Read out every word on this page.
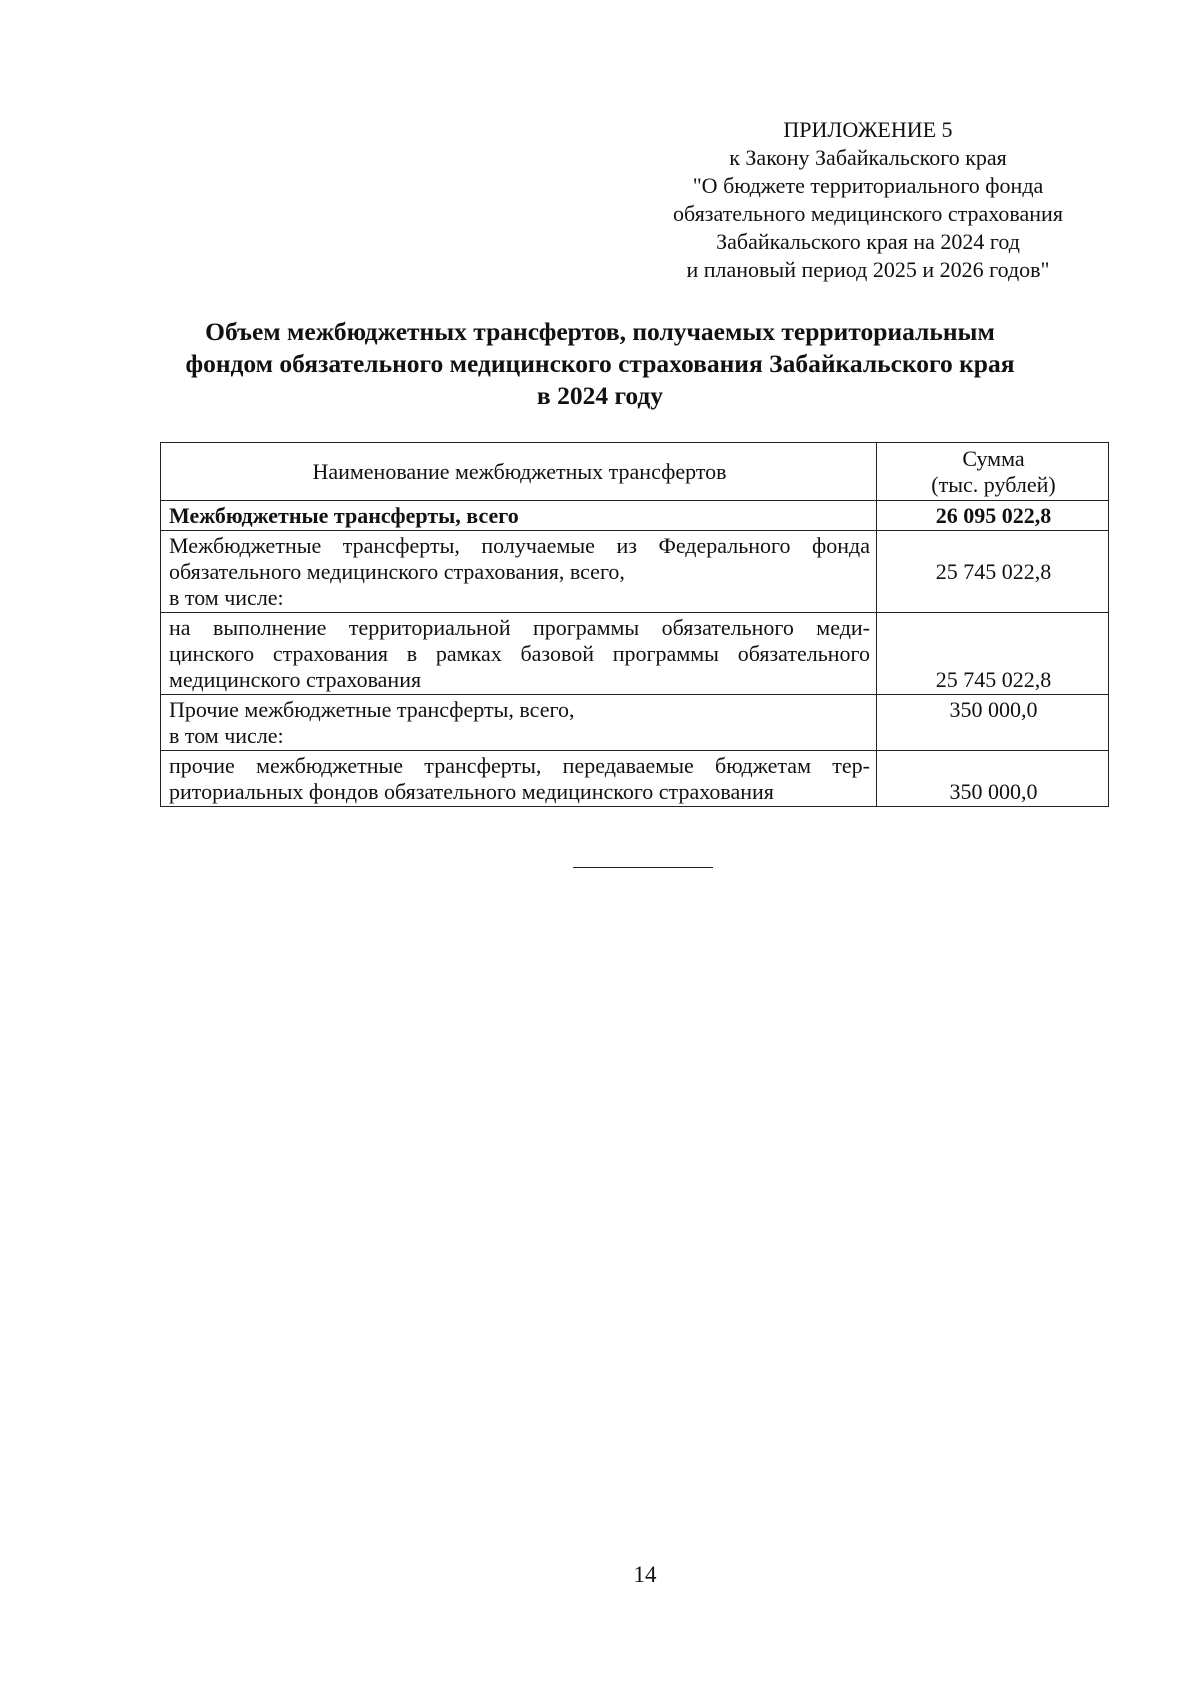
ПРИЛОЖЕНИЕ 5
к Закону Забайкальского края
"О бюджете территориального фонда
обязательного медицинского страхования
Забайкальского края на 2024 год
и плановый период 2025 и 2026 годов"
Объем межбюджетных трансфертов, получаемых территориальным
фондом обязательного медицинского страхования Забайкальского края
в 2024 году
Наименование межбюджетных трансфертов	Сумма
(тыс. рублей)

Межбюджетные трансферты, всего	26 095 022,8

Межбюджетные трансферты, получаемые из Федерального фонда
обязательного медицинского страхования, всего,
в том числе:	25 745 022,8

на выполнение территориальной программы обязательного меди-
цинского страхования в рамках базовой программы обязательного
медицинского страхования	25 745 022,8

Прочие межбюджетные трансферты, всего,
в том числе:	350 000,0

прочие межбюджетные трансферты, передаваемые бюджетам тер-
риториальных фондов обязательного медицинского страхования	350 000,0
14
